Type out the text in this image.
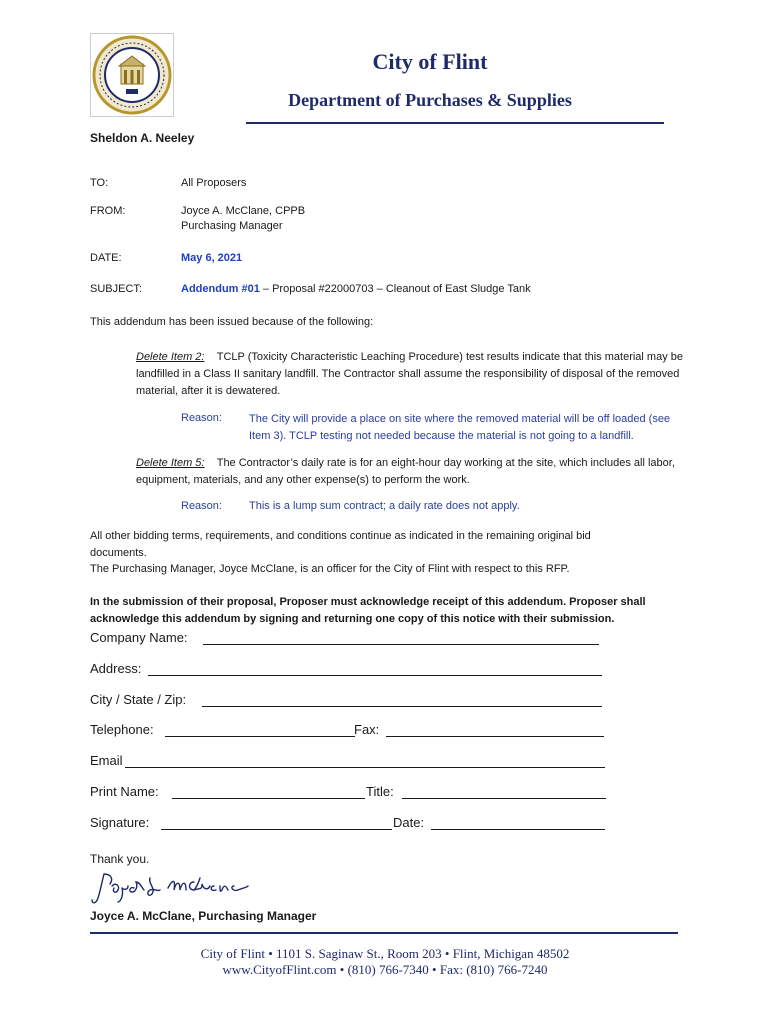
City of Flint
Department of Purchases & Supplies
Sheldon A. Neeley
TO:	All Proposers
FROM:	Joyce A. McClane, CPPB
Purchasing Manager
DATE:	May 6, 2021
SUBJECT:	Addendum #01 – Proposal #22000703 – Cleanout of East Sludge Tank
This addendum has been issued because of the following:
Delete Item 2: TCLP (Toxicity Characteristic Leaching Procedure) test results indicate that this material may be landfilled in a Class II sanitary landfill. The Contractor shall assume the responsibility of disposal of the removed material, after it is dewatered.
Reason: The City will provide a place on site where the removed material will be off loaded (see Item 3). TCLP testing not needed because the material is not going to a landfill.
Delete Item 5: The Contractor’s daily rate is for an eight-hour day working at the site, which includes all labor, equipment, materials, and any other expense(s) to perform the work.
Reason: This is a lump sum contract; a daily rate does not apply.
All other bidding terms, requirements, and conditions continue as indicated in the remaining original bid documents.
The Purchasing Manager, Joyce McClane, is an officer for the City of Flint with respect to this RFP.
In the submission of their proposal, Proposer must acknowledge receipt of this addendum. Proposer shall acknowledge this addendum by signing and returning one copy of this notice with their submission.
Company Name:
Address:
City / State / Zip:
Telephone:	Fax:
Email
Print Name:	Title:
Signature:	Date:
Thank you.
Joyce A. McClane, Purchasing Manager
City of Flint • 1101 S. Saginaw St., Room 203 • Flint, Michigan 48502
www.CityofFlint.com • (810) 766-7340 • Fax: (810) 766-7240
